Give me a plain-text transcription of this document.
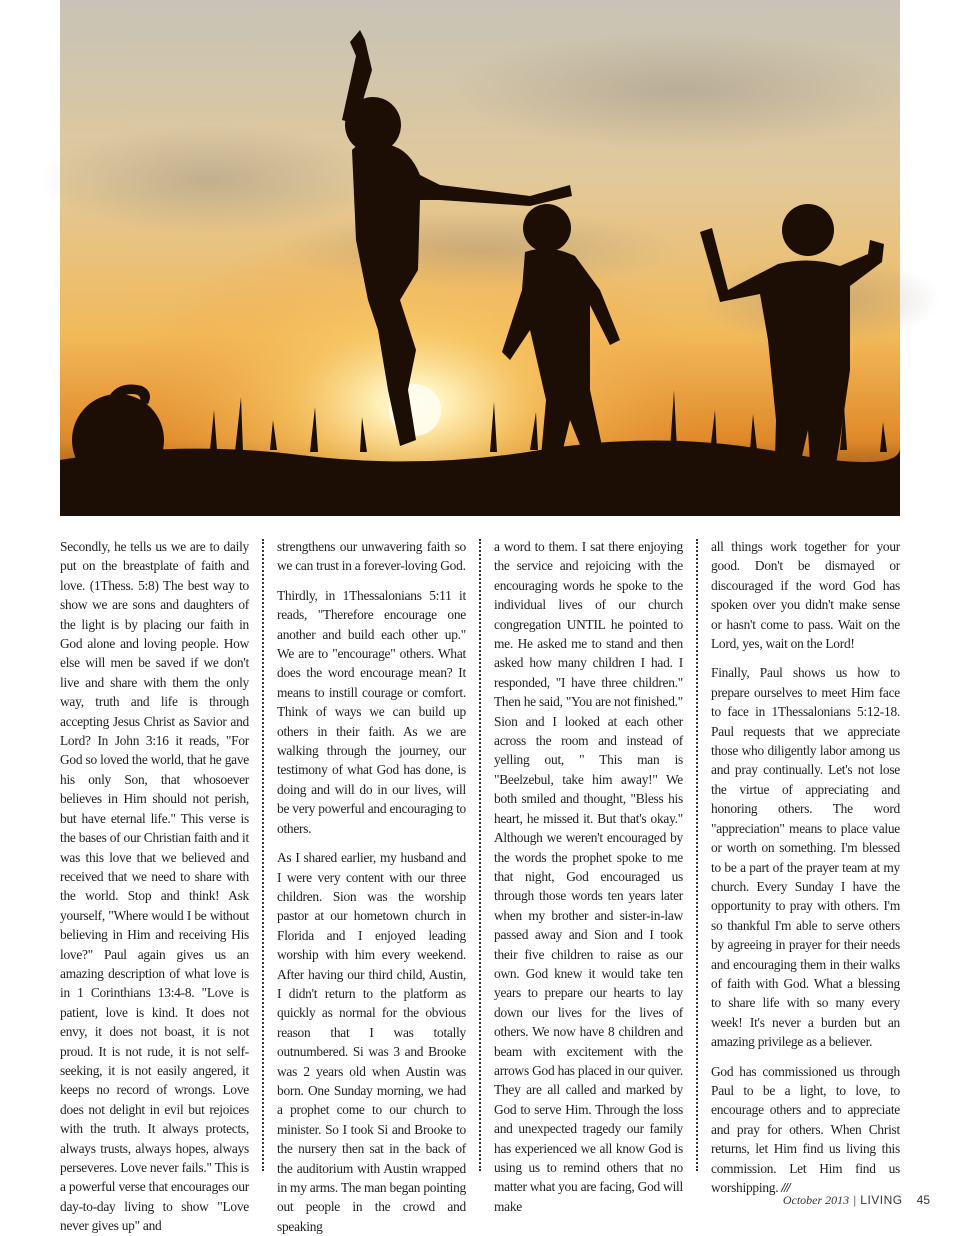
Secondly, he tells us we are to daily put on the breastplate of faith and love. (1Thess. 5:8) The best way to show we are sons and daughters of the light is by placing our faith in God alone and loving people. How else will men be saved if we don't live and share with them the only way, truth and life is through accepting Jesus Christ as Savior and Lord? In John 3:16 it reads, "For God so loved the world, that he gave his only Son, that whosoever believes in Him should not perish, but have eternal life." This verse is the bases of our Christian faith and it was this love that we believed and received that we need to share with the world. Stop and think! Ask yourself, "Where would I be without believing in Him and receiving His love?" Paul again gives us an amazing description of what love is in 1 Corinthians 13:4-8. "Love is patient, love is kind. It does not envy, it does not boast, it is not proud. It is not rude, it is not self-seeking, it is not easily angered, it keeps no record of wrongs. Love does not delight in evil but rejoices with the truth. It always protects, always trusts, always hopes, always perseveres. Love never fails." This is a powerful verse that encourages our day-to-day living to show "Love never gives up" and

strengthens our unwavering faith so we can trust in a forever-loving God.

Thirdly, in 1Thessalonians 5:11 it reads, "Therefore encourage one another and build each other up." We are to "encourage" others. What does the word encourage mean? It means to instill courage or comfort. Think of ways we can build up others in their faith. As we are walking through the journey, our testimony of what God has done, is doing and will do in our lives, will be very powerful and encouraging to others.

As I shared earlier, my husband and I were very content with our three children. Sion was the worship pastor at our hometown church in Florida and I enjoyed leading worship with him every weekend. After having our third child, Austin, I didn't return to the platform as quickly as normal for the obvious reason that I was totally outnumbered. Si was 3 and Brooke was 2 years old when Austin was born. One Sunday morning, we had a prophet come to our church to minister. So I took Si and Brooke to the nursery then sat in the back of the auditorium with Austin wrapped in my arms. The man began pointing out people in the crowd and speaking

a word to them. I sat there enjoying the service and rejoicing with the encouraging words he spoke to the individual lives of our church congregation UNTIL he pointed to me. He asked me to stand and then asked how many children I had. I responded, "I have three children." Then he said, "You are not finished." Sion and I looked at each other across the room and instead of yelling out, " This man is "Beelzebul, take him away!" We both smiled and thought, "Bless his heart, he missed it. But that's okay." Although we weren't encouraged by the words the prophet spoke to me that night, God encouraged us through those words ten years later when my brother and sister-in-law passed away and Sion and I took their five children to raise as our own. God knew it would take ten years to prepare our hearts to lay down our lives for the lives of others. We now have 8 children and beam with excitement with the arrows God has placed in our quiver. They are all called and marked by God to serve Him. Through the loss and unexpected tragedy our family has experienced we all know God is using us to remind others that no matter what you are facing, God will make

all things work together for your good. Don't be dismayed or discouraged if the word God has spoken over you didn't make sense or hasn't come to pass. Wait on the Lord, yes, wait on the Lord!

Finally, Paul shows us how to prepare ourselves to meet Him face to face in 1Thessalonians 5:12-18. Paul requests that we appreciate those who diligently labor among us and pray continually. Let's not lose the virtue of appreciating and honoring others. The word "appreciation" means to place value or worth on something. I'm blessed to be a part of the prayer team at my church. Every Sunday I have the opportunity to pray with others. I'm so thankful I'm able to serve others by agreeing in prayer for their needs and encouraging them in their walks of faith with God. What a blessing to share life with so many every week! It's never a burden but an amazing privilege as a believer.

God has commissioned us through Paul to be a light, to love, to encourage others and to appreciate and pray for others. When Christ returns, let Him find us living this commission. Let Him find us worshipping. ///

October 2013 | LIVING 45
